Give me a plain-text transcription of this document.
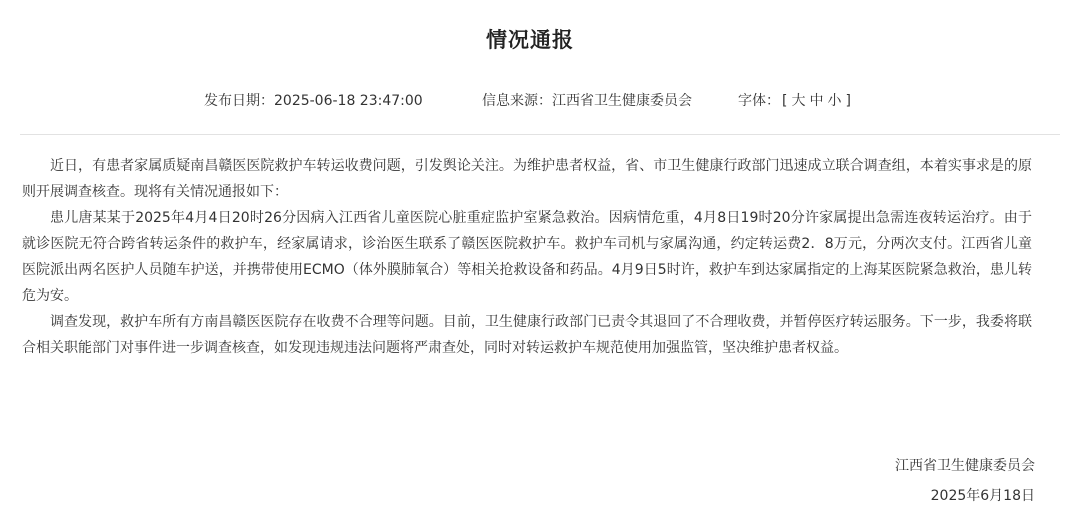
情况通报
发布日期：2025-06-18 23:47:00	信息来源：江西省卫生健康委员会	字体： [ 大 中 小 ]

近日，有患者家属质疑南昌赣医医院救护车转运收费问题，引发舆论关注。为维护患者权益，省、市卫生健康行政部门迅速成立联合调查组，本着实事求是的原则开展调查核查。现将有关情况通报如下：

患儿唐某某于2025年4月4日20时26分因病入江西省儿童医院心脏重症监护室紧急救治。因病情危重，4月8日19时20分许家属提出急需连夜转运治疗。由于就诊医院无符合跨省转运条件的救护车，经家属请求，诊治医生联系了赣医医院救护车。救护车司机与家属沟通，约定转运费2．8万元，分两次支付。江西省儿童医院派出两名医护人员随车护送，并携带使用ECMO（体外膜肺氧合）等相关抢救设备和药品。4月9日5时许，救护车到达家属指定的上海某医院紧急救治，患儿转危为安。

调查发现，救护车所有方南昌赣医医院存在收费不合理等问题。目前，卫生健康行政部门已责令其退回了不合理收费，并暂停医疗转运服务。下一步，我委将联合相关职能部门对事件进一步调查核查，如发现违规违法问题将严肃查处，同时对转运救护车规范使用加强监管，坚决维护患者权益。

江西省卫生健康委员会
2025年6月18日
